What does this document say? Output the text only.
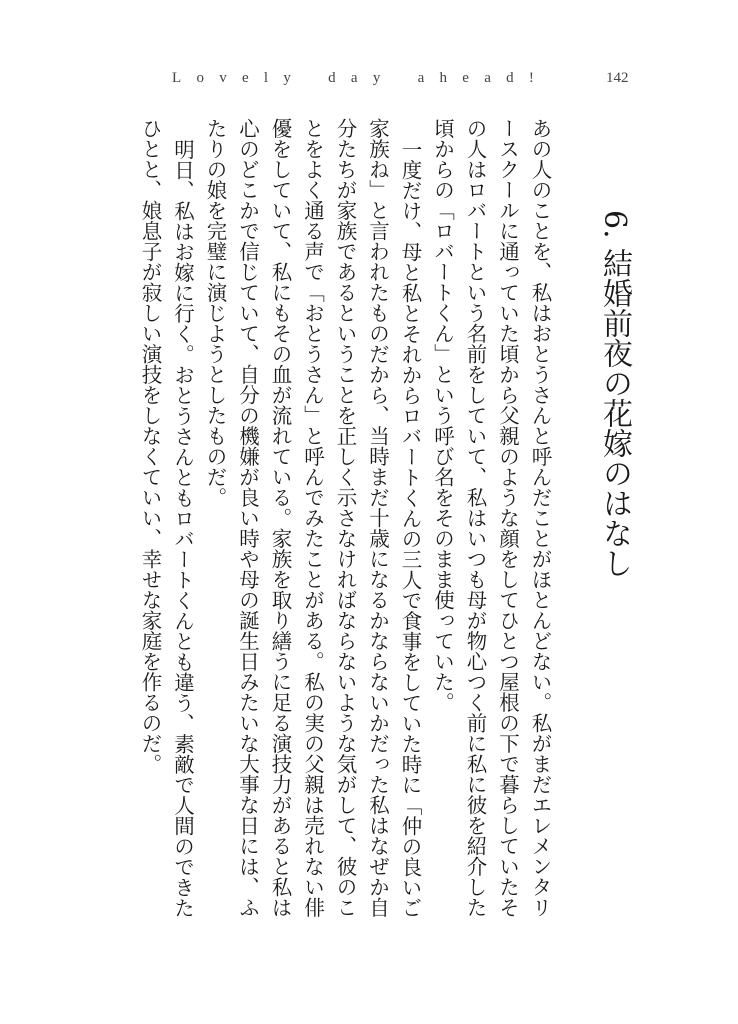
L o v e l y d a y a h e a d !	142
6. 結婚前夜の花嫁のはなし

あの人のことを、私はおとうさんと呼んだことがほとんどない。私がまだエレメンタリースクールに通っていた頃から父親のような顔をしてひとつ屋根の下で暮らしていたその人はロバートという名前をしていて、私はいつも母が物心つく前に私に彼を紹介した頃からの「ロバートくん」という呼び名をそのまま使っていた。

一度だけ、母と私とそれからロバートくんの三人で食事をしていた時に「仲の良いご家族ね」と言われたものだから、当時まだ十歳になるかならないかだった私はなぜか自分たちが家族であるということを正しく示さなければならないような気がして、彼のことをよく通る声で「おとうさん」と呼んでみたことがある。私の実の父親は売れない俳優をしていて、私にもその血が流れている。家族を取り繕うに足る演技力があると私は心のどこかで信じていて、自分の機嫌が良い時や母の誕生日みたいな大事な日には、ふたりの娘を完璧に演じようとしたものだ。

明日、私はお嫁に行く。おとうさんともロバートくんとも違う、素敵で人間のできたひとと、娘息子が寂しい演技をしなくていい、幸せな家庭を作るのだ。
